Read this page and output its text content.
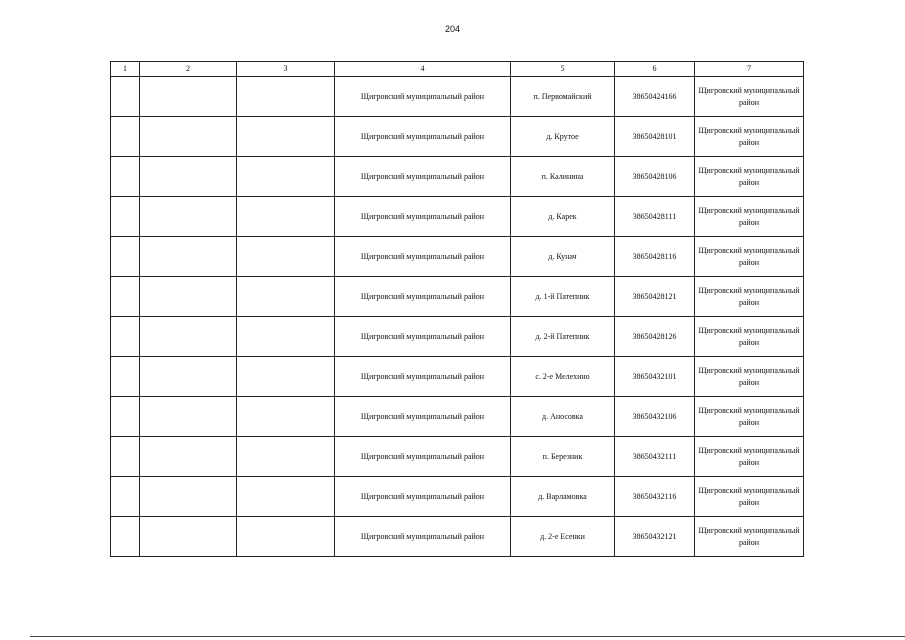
204
1	2	3	4	5	6	7
			Щигровский муниципальный район	п. Первомайский	38650424166	Щигровский муниципальный район
			Щигровский муниципальный район	д. Крутое	38650428101	Щигровский муниципальный район
			Щигровский муниципальный район	п. Калинина	38650428106	Щигровский муниципальный район
			Щигровский муниципальный район	д. Карек	38650428111	Щигровский муниципальный район
			Щигровский муниципальный район	д. Кунач	38650428116	Щигровский муниципальный район
			Щигровский муниципальный район	д. 1-й Патепник	38650428121	Щигровский муниципальный район
			Щигровский муниципальный район	д. 2-й Патепник	38650428126	Щигровский муниципальный район
			Щигровский муниципальный район	с. 2-е Мелехино	38650432101	Щигровский муниципальный район
			Щигровский муниципальный район	д. Аносовка	38650432106	Щигровский муниципальный район
			Щигровский муниципальный район	п. Березник	38650432111	Щигровский муниципальный район
			Щигровский муниципальный район	д. Варламовка	38650432116	Щигровский муниципальный район
			Щигровский муниципальный район	д. 2-е Есенки	38650432121	Щигровский муниципальный район
